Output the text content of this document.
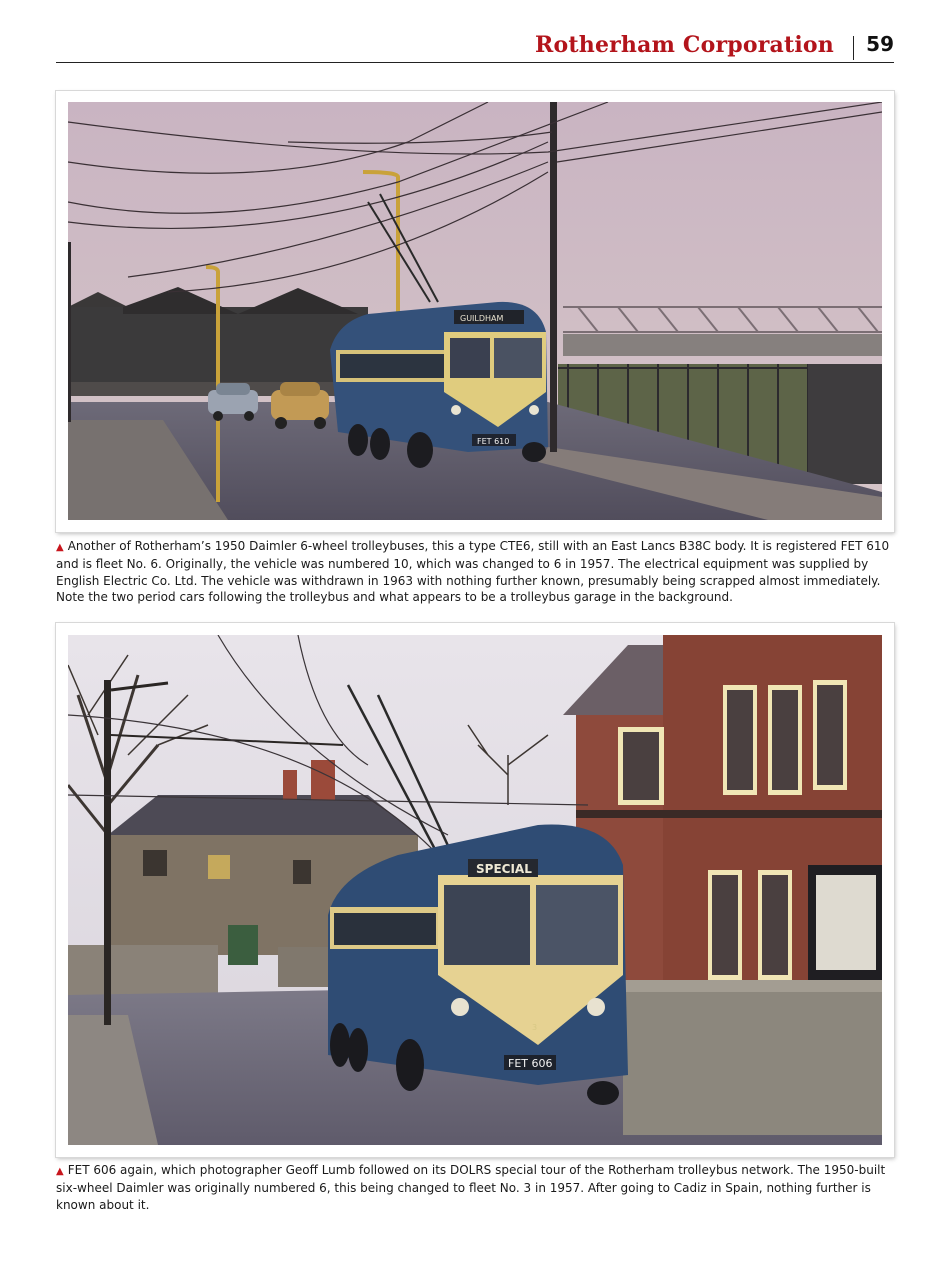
Rotherham Corporation 59
GUILDHAM
FET 610
▲ Another of Rotherham’s 1950 Daimler 6-wheel trolleybuses, this a type CTE6, still with an East Lancs B38C body. It is registered FET 610 and is fleet No. 6. Originally, the vehicle was numbered 10, which was changed to 6 in 1957. The electrical equipment was supplied by English Electric Co. Ltd. The vehicle was withdrawn in 1963 with nothing further known, presumably being scrapped almost immediately. Note the two period cars following the trolleybus and what appears to be a trolleybus garage in the background.
SPECIAL
3
FET 606
▲ FET 606 again, which photographer Geoff Lumb followed on its DOLRS special tour of the Rotherham trolleybus network. The 1950-built six-wheel Daimler was originally numbered 6, this being changed to fleet No. 3 in 1957. After going to Cadiz in Spain, nothing further is known about it.
